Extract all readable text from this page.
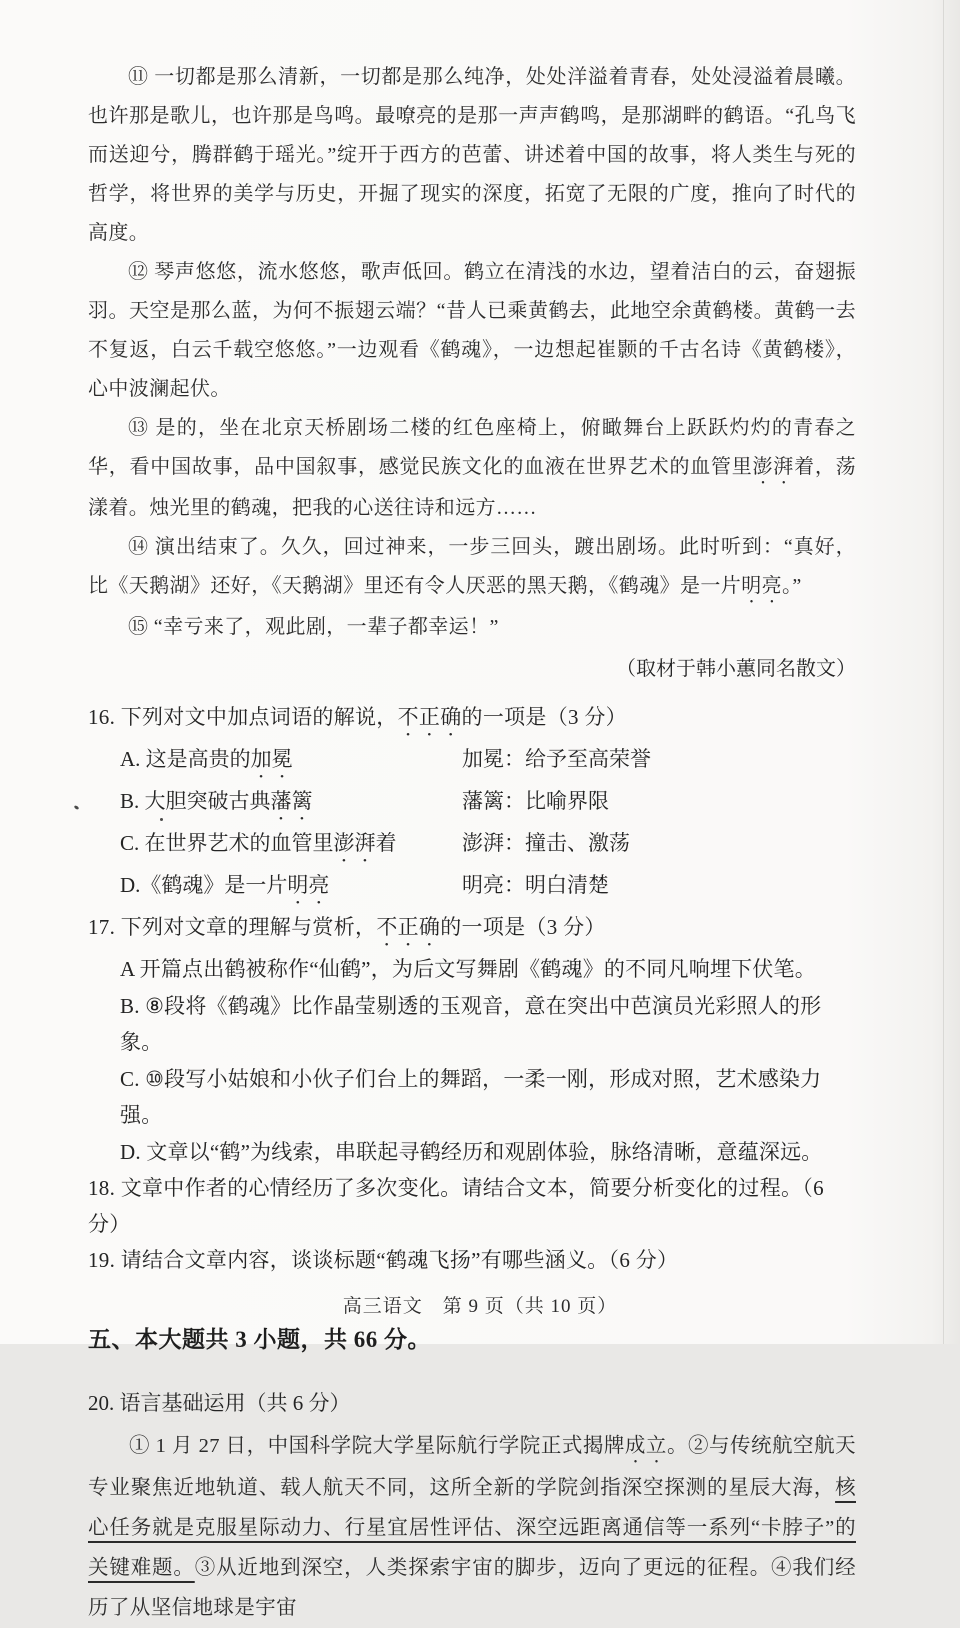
⑪ 一切都是那么清新，一切都是那么纯净，处处洋溢着青春，处处浸溢着晨曦。也许那是歌儿，也许那是鸟鸣。最嘹亮的是那一声声鹤鸣，是那湖畔的鹤语。“孔鸟飞而送迎兮，腾群鹤于瑶光。”绽开于西方的芭蕾、讲述着中国的故事，将人类生与死的哲学，将世界的美学与历史，开掘了现实的深度，拓宽了无限的广度，推向了时代的高度。

⑫ 琴声悠悠，流水悠悠，歌声低回。鹤立在清浅的水边，望着洁白的云，奋翅振羽。天空是那么蓝，为何不振翅云端？“昔人已乘黄鹤去，此地空余黄鹤楼。黄鹤一去不复返，白云千载空悠悠。”一边观看《鹤魂》，一边想起崔颢的千古名诗《黄鹤楼》，心中波澜起伏。

⑬ 是的，坐在北京天桥剧场二楼的红色座椅上，俯瞰舞台上跃跃灼灼的青春之华，看中国故事，品中国叙事，感觉民族文化的血液在世界艺术的血管里澎湃着，荡漾着。烛光里的鹤魂，把我的心送往诗和远方……

⑭ 演出结束了。久久，回过神来，一步三回头，踱出剧场。此时听到：“真好，比《天鹅湖》还好，《天鹅湖》里还有令人厌恶的黑天鹅，《鹤魂》是一片明亮。”

⑮ “幸亏来了，观此剧，一辈子都幸运！”

（取材于韩小蕙同名散文）
16. 下列对文中加点词语的解说，不正确的一项是（3 分）
A. 这是高贵的加冕	加冕：给予至高荣誉
B. 大胆突破古典藩篱	藩篱：比喻界限
C. 在世界艺术的血管里澎湃着	澎湃：撞击、激荡
D.《鹤魂》是一片明亮	明亮：明白清楚
17. 下列对文章的理解与赏析，不正确的一项是（3 分）
A 开篇点出鹤被称作“仙鹤”，为后文写舞剧《鹤魂》的不同凡响埋下伏笔。
B. ⑧段将《鹤魂》比作晶莹剔透的玉观音，意在突出中芭演员光彩照人的形象。
C. ⑩段写小姑娘和小伙子们台上的舞蹈，一柔一刚，形成对照，艺术感染力强。
D. 文章以“鹤”为线索，串联起寻鹤经历和观剧体验，脉络清晰，意蕴深远。
18. 文章中作者的心情经历了多次变化。请结合文本，简要分析变化的过程。（6 分）
19. 请结合文章内容，谈谈标题“鹤魂飞扬”有哪些涵义。（6 分）
五、本大题共 3 小题，共 66 分。
20. 语言基础运用（共 6 分）

① 1 月 27 日，中国科学院大学星际航行学院正式揭牌成立。②与传统航空航天专业聚焦近地轨道、载人航天不同，这所全新的学院剑指深空探测的星辰大海，核心任务就是克服星际动力、行星宜居性评估、深空远距离通信等一系列“卡脖子”的关键难题。③从近地到深空，人类探索宇宙的脚步，迈向了更远的征程。④我们经历了从坚信地球是宇宙

高三语文　第 9 页（共 10 页）
